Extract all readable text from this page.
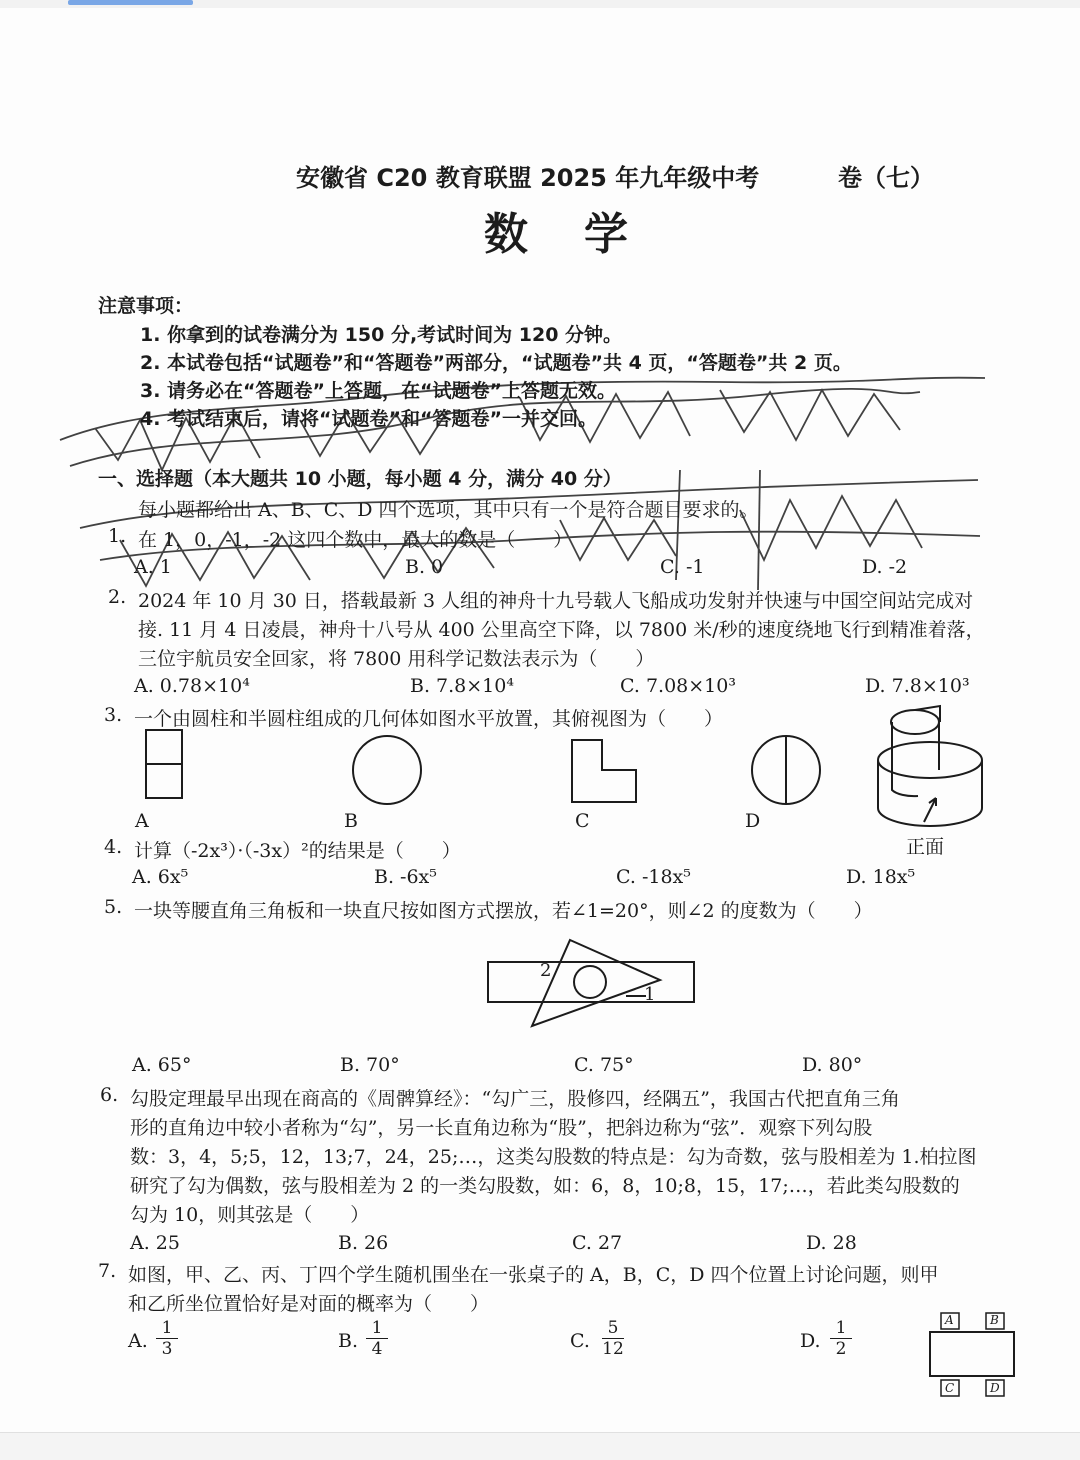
安徽省 C20 教育联盟 2025 年九年级中考	卷（七）
数学
注意事项：
1. 你拿到的试卷满分为 150 分,考试时间为 120 分钟。
2. 本试卷包括“试题卷”和“答题卷”两部分，“试题卷”共 4 页，“答题卷”共 2 页。
3. 请务必在“答题卷”上答题，在“试题卷”上答题无效。
4. 考试结束后，请将“试题卷”和“答题卷”一并交回。
一、选择题（本大题共 10 小题，每小题 4 分，满分 40 分）
每小题都给出 A、B、C、D 四个选项，其中只有一个是符合题目要求的。
1. 在 1，0，-1，-2 这四个数中，最大的数是（　　）
A. 1	B. 0	C. -1	D. -2
2. 2024 年 10 月 30 日，搭载最新 3 人组的神舟十九号载人飞船成功发射并快速与中国空间站完成对
接. 11 月 4 日凌晨，神舟十八号从 400 公里高空下降，以 7800 米/秒的速度绕地飞行到精准着落，
三位宇航员安全回家，将 7800 用科学记数法表示为（　　）
A. 0.78×10⁴	B. 7.8×10⁴	C. 7.08×10³	D. 7.8×10³
3. 一个由圆柱和半圆柱组成的几何体如图水平放置，其俯视图为（　　）
A	B	C	D
正面
4. 计算（-2x³）·（-3x）²的结果是（　　）
A. 6x⁵	B. -6x⁵	C. -18x⁵	D. 18x⁵
5. 一块等腰直角三角板和一块直尺按如图方式摆放，若∠1=20°，则∠2 的度数为（　　）
2
1
A. 65°	B. 70°	C. 75°	D. 80°
6. 勾股定理最早出现在商高的《周髀算经》：“勾广三，股修四，经隅五”，我国古代把直角三角
形的直角边中较小者称为“勾”，另一长直角边称为“股”，把斜边称为“弦”．观察下列勾股
数：3，4，5;5，12，13;7，24，25;…，这类勾股数的特点是：勾为奇数，弦与股相差为 1.柏拉图
研究了勾为偶数，弦与股相差为 2 的一类勾股数，如：6，8，10;8，15，17;…，若此类勾股数的
勾为 10，则其弦是（　　）
A. 25	B. 26	C. 27	D. 28
7. 如图，甲、乙、丙、丁四个学生随机围坐在一张桌子的 A，B，C，D 四个位置上讨论问题，则甲
和乙所坐位置恰好是对面的概率为（　　）
A. $\frac{1}{3}$	B. $\frac{1}{4}$	C. $\frac{5}{12}$	D. $\frac{1}{2}$	A	B
C	D
